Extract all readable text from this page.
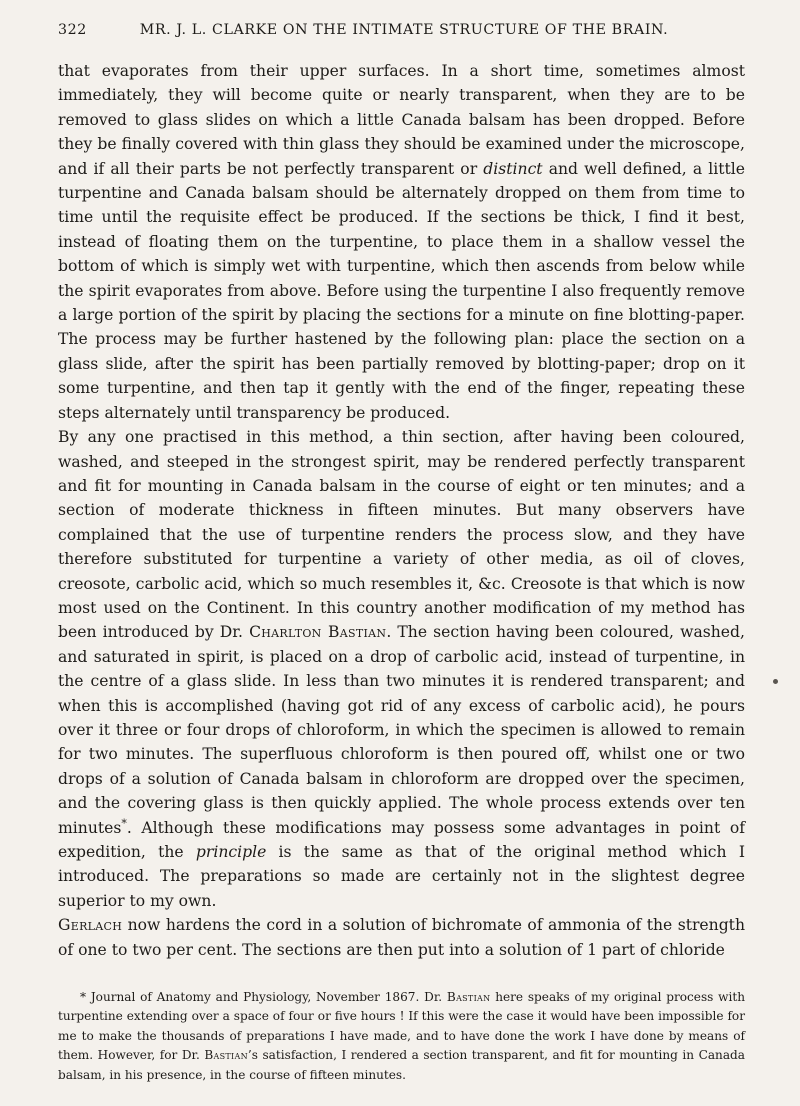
322	MR. J. L. CLARKE ON THE INTIMATE STRUCTURE OF THE BRAIN.

that evaporates from their upper surfaces. In a short time, sometimes almost immediately, they will become quite or nearly transparent, when they are to be removed to glass slides on which a little Canada balsam has been dropped. Before they be finally covered with thin glass they should be examined under the microscope, and if all their parts be not perfectly transparent or distinct and well defined, a little turpentine and Canada balsam should be alternately dropped on them from time to time until the requisite effect be produced. If the sections be thick, I find it best, instead of floating them on the turpentine, to place them in a shallow vessel the bottom of which is simply wet with turpentine, which then ascends from below while the spirit evaporates from above. Before using the turpentine I also frequently remove a large portion of the spirit by placing the sections for a minute on fine blotting-paper. The process may be further hastened by the following plan: place the section on a glass slide, after the spirit has been partially removed by blotting-paper; drop on it some turpentine, and then tap it gently with the end of the finger, repeating these steps alternately until transparency be produced.

By any one practised in this method, a thin section, after having been coloured, washed, and steeped in the strongest spirit, may be rendered perfectly transparent and fit for mounting in Canada balsam in the course of eight or ten minutes; and a section of moderate thickness in fifteen minutes. But many observers have complained that the use of turpentine renders the process slow, and they have therefore substituted for turpentine a variety of other media, as oil of cloves, creosote, carbolic acid, which so much resembles it, &c. Creosote is that which is now most used on the Continent. In this country another modification of my method has been introduced by Dr. Charlton Bastian. The section having been coloured, washed, and saturated in spirit, is placed on a drop of carbolic acid, instead of turpentine, in the centre of a glass slide. In less than two minutes it is rendered transparent; and when this is accomplished (having got rid of any excess of carbolic acid), he pours over it three or four drops of chloroform, in which the specimen is allowed to remain for two minutes. The superfluous chloroform is then poured off, whilst one or two drops of a solution of Canada balsam in chloroform are dropped over the specimen, and the covering glass is then quickly applied. The whole process extends over ten minutes*. Although these modifications may possess some advantages in point of expedition, the principle is the same as that of the original method which I introduced. The preparations so made are certainly not in the slightest degree superior to my own.

Gerlach now hardens the cord in a solution of bichromate of ammonia of the strength of one to two per cent. The sections are then put into a solution of 1 part of chloride

* Journal of Anatomy and Physiology, November 1867. Dr. Bastian here speaks of my original process with turpentine extending over a space of four or five hours ! If this were the case it would have been impossible for me to make the thousands of preparations I have made, and to have done the work I have done by means of them. However, for Dr. Bastian’s satisfaction, I rendered a section transparent, and fit for mounting in Canada balsam, in his presence, in the course of fifteen minutes.
